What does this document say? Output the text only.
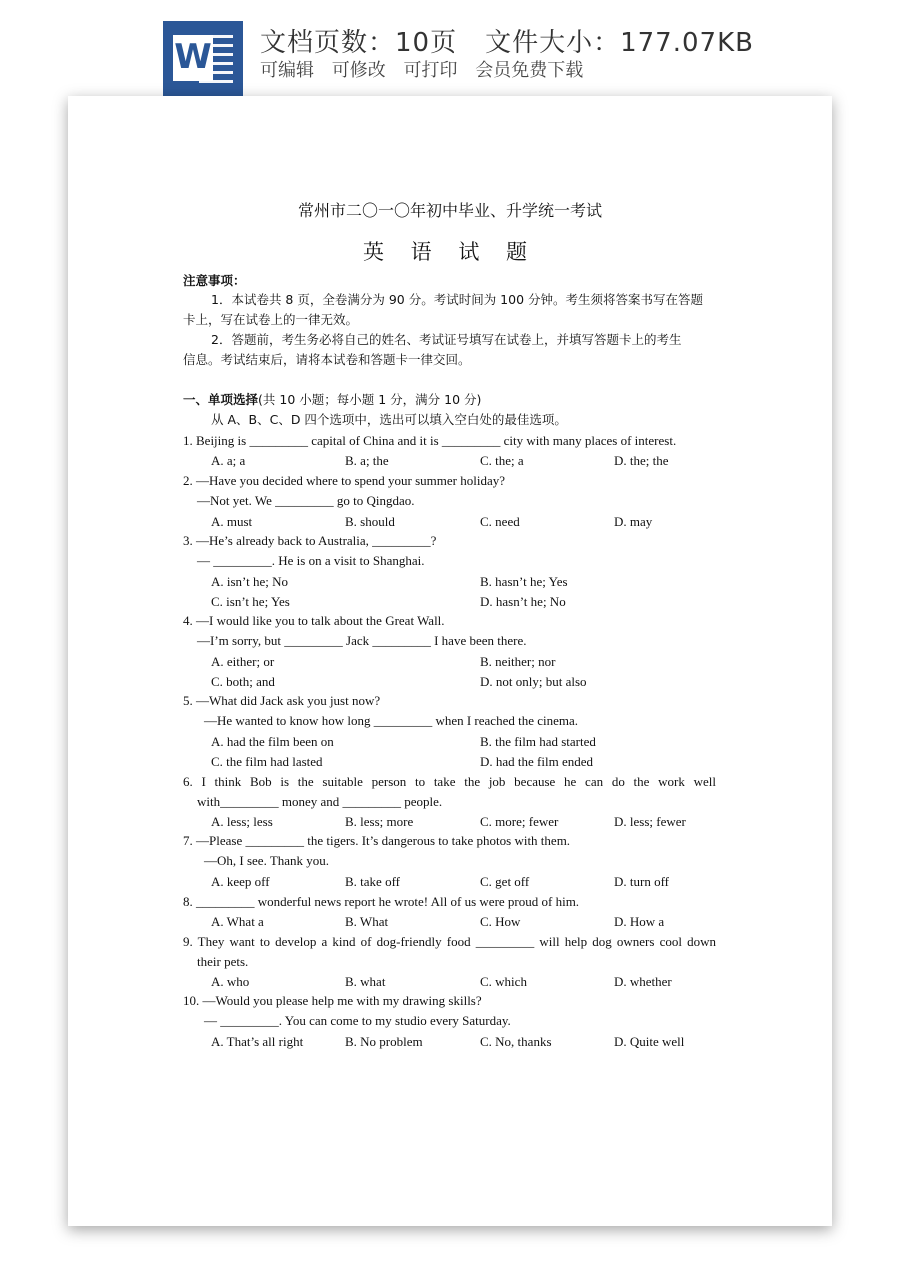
W 文档页数：10页 文件大小：177.07KB
可编辑 可修改 可打印 会员免费下载
常州市二〇一〇年初中毕业、升学统一考试
英 语 试 题
注意事项：
1．本试卷共 8 页，全卷满分为 90 分。考试时间为 100 分钟。考生须将答案书写在答题
卡上，写在试卷上的一律无效。
2．答题前，考生务必将自己的姓名、考试证号填写在试卷上，并填写答题卡上的考生
信息。考试结束后，请将本试卷和答题卡一律交回。
一、单项选择(共 10 小题；每小题 1 分，满分 10 分)
从 A、B、C、D 四个选项中，选出可以填入空白处的最佳选项。
1. Beijing is _________ capital of China and it is _________ city with many places of interest.
A. a; a	B. a; the	C. the; a	D. the; the
2. —Have you decided where to spend your summer holiday?
—Not yet. We _________ go to Qingdao.
A. must	B. should	C. need	D. may
3. —He’s already back to Australia, _________?
— _________. He is on a visit to Shanghai.
A. isn’t he; No	B. hasn’t he; Yes
C. isn’t he; Yes	D. hasn’t he; No
4. —I would like you to talk about the Great Wall.
—I’m sorry, but _________ Jack _________ I have been there.
A. either; or	B. neither; nor
C. both; and	D. not only; but also
5. —What did Jack ask you just now?
—He wanted to know how long _________ when I reached the cinema.
A. had the film been on	B. the film had started
C. the film had lasted	D. had the film ended
6. I think Bob is the suitable person to take the job because he can do the work well
with_________ money and _________ people.
A. less; less	B. less; more	C. more; fewer	D. less; fewer
7. —Please _________ the tigers. It’s dangerous to take photos with them.
—Oh, I see. Thank you.
A. keep off	B. take off	C. get off	D. turn off
8. _________ wonderful news report he wrote! All of us were proud of him.
A. What a	B. What	C. How	D. How a
9. They want to develop a kind of dog-friendly food _________ will help dog owners cool down
their pets.
A. who	B. what	C. which	D. whether
10. —Would you please help me with my drawing skills?
— _________. You can come to my studio every Saturday.
A. That’s all right	B. No problem	C. No, thanks	D. Quite well
